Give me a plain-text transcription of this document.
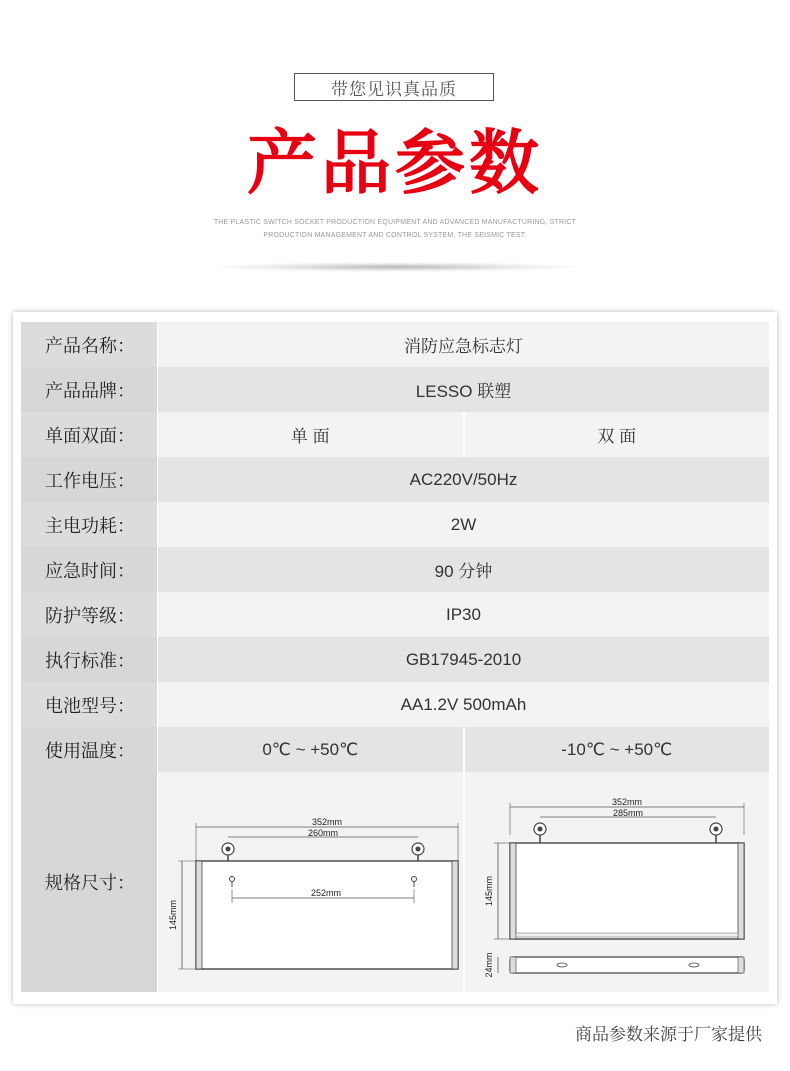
带您见识真品质
产品参数
THE PLASTIC SWITCH SOCKET PRODUCTION EQUIPMENT AND ADVANCED MANUFACTURING, STRICT
PRODUCTION MANAGEMENT AND CONTROL SYSTEM, THE SEISMIC TEST.
产品名称：	消防应急标志灯
产品品牌：	LESSO 联塑
单面双面：	单 面	双 面
工作电压：	AC220V/50Hz
主电功耗：	2W
应急时间：	90 分钟
防护等级：	IP30
执行标准：	GB17945-2010
电池型号：	AA1.2V 500mAh
使用温度：	0℃ ~ +50℃	-10℃ ~ +50℃
规格尺寸：
352mm
260mm
252mm
145mm
352mm
285mm
145mm
24mm
商品参数来源于厂家提供
